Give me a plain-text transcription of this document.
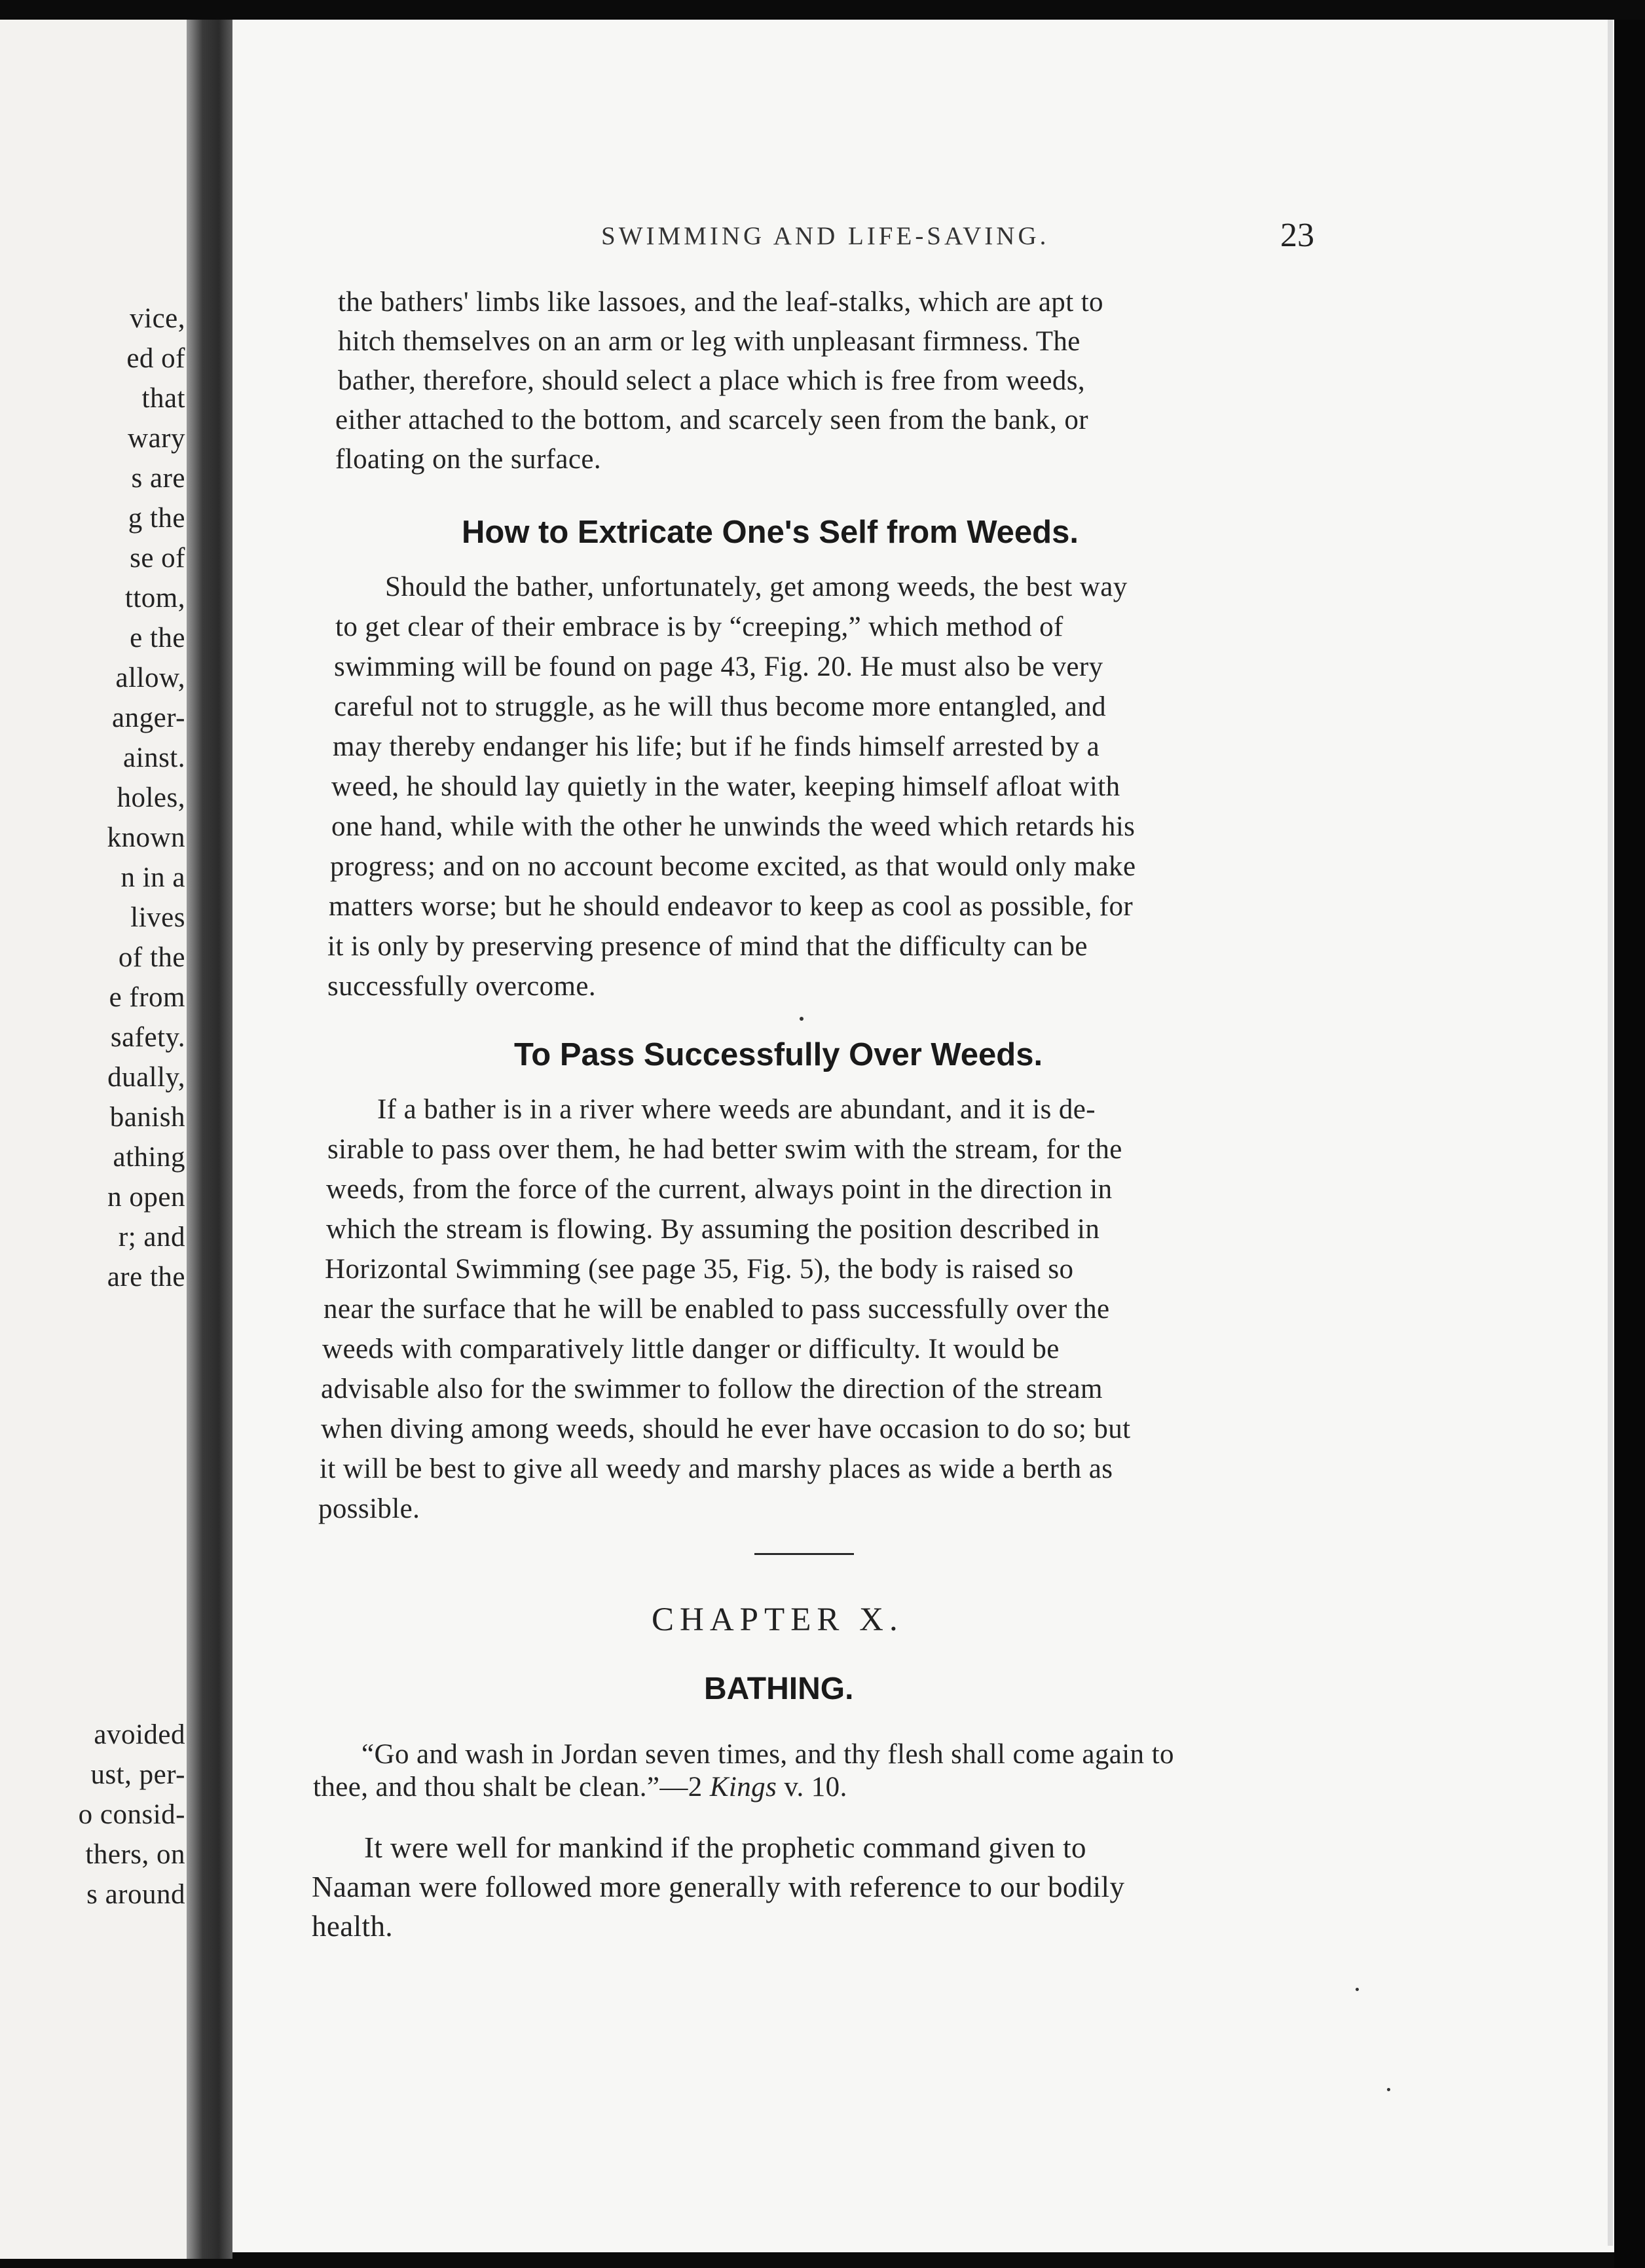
vice,
ed of
that
wary
s are
g the
se of
ttom,
e the
allow,
anger-
ainst.
holes,
known
n in a
lives
of the
e from
safety.
dually,
banish
athing
n open
r; and
are the
avoided
ust, per-
o consid-
thers, on
s around
SWIMMING AND LIFE-SAVING.	23
the bathers' limbs like lassoes, and the leaf-stalks, which are apt to
hitch themselves on an arm or leg with unpleasant firmness. The
bather, therefore, should select a place which is free from weeds,
either attached to the bottom, and scarcely seen from the bank, or
floating on the surface.
How to Extricate One's Self from Weeds.
Should the bather, unfortunately, get among weeds, the best way
to get clear of their embrace is by “creeping,” which method of
swimming will be found on page 43, Fig. 20. He must also be very
careful not to struggle, as he will thus become more entangled, and
may thereby endanger his life; but if he finds himself arrested by a
weed, he should lay quietly in the water, keeping himself afloat with
one hand, while with the other he unwinds the weed which retards his
progress; and on no account become excited, as that would only make
matters worse; but he should endeavor to keep as cool as possible, for
it is only by preserving presence of mind that the difficulty can be
successfully overcome.
To Pass Successfully Over Weeds.
If a bather is in a river where weeds are abundant, and it is de-
sirable to pass over them, he had better swim with the stream, for the
weeds, from the force of the current, always point in the direction in
which the stream is flowing. By assuming the position described in
Horizontal Swimming (see page 35, Fig. 5), the body is raised so
near the surface that he will be enabled to pass successfully over the
weeds with comparatively little danger or difficulty. It would be
advisable also for the swimmer to follow the direction of the stream
when diving among weeds, should he ever have occasion to do so; but
it will be best to give all weedy and marshy places as wide a berth as
possible.
CHAPTER X.
BATHING.
“Go and wash in Jordan seven times, and thy flesh shall come again to
thee, and thou shalt be clean.”—2 Kings v. 10.
It were well for mankind if the prophetic command given to
Naaman were followed more generally with reference to our bodily
health.
